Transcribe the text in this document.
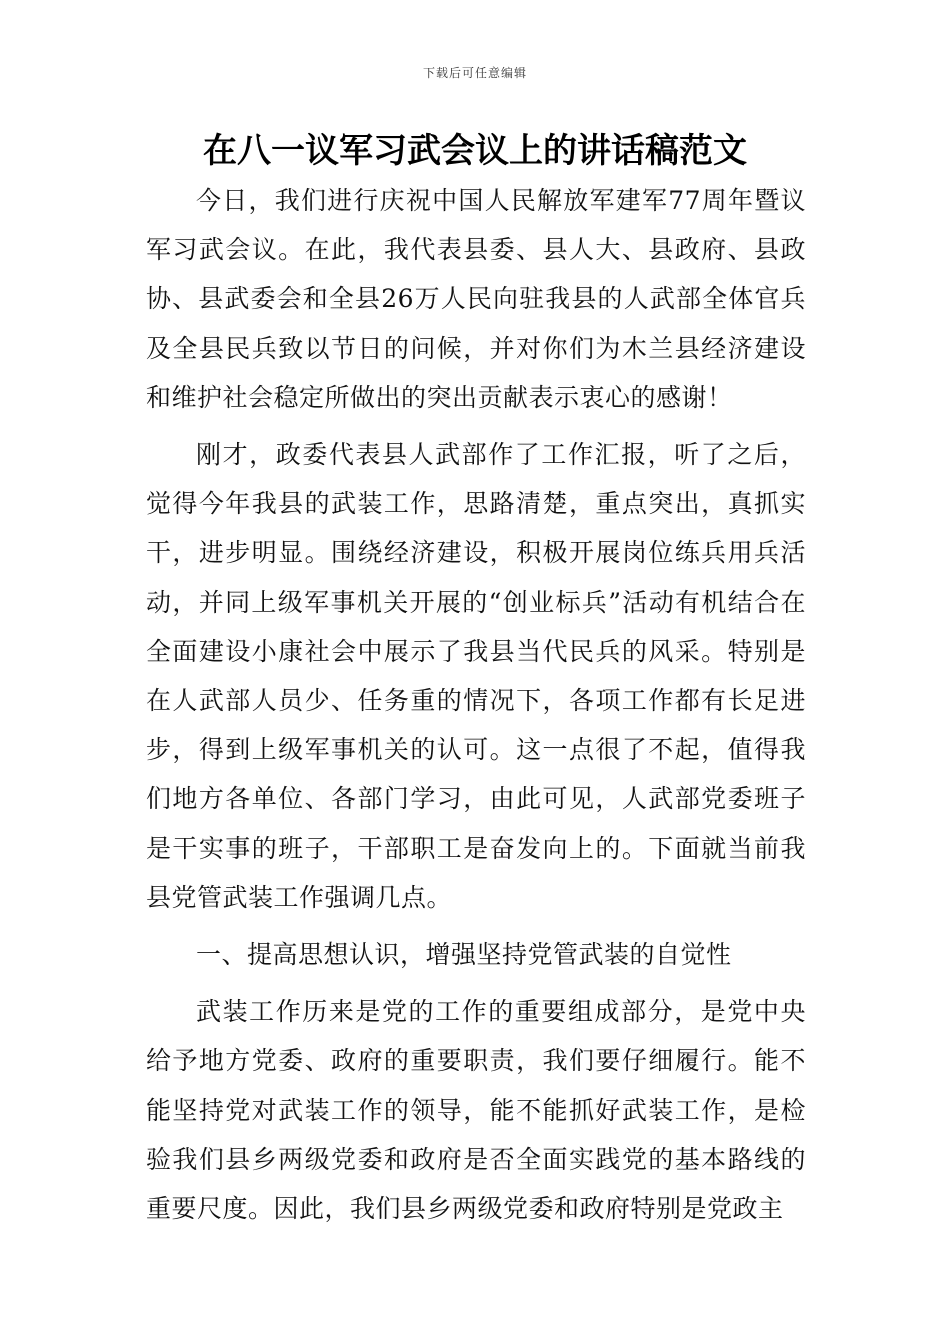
下载后可任意编辑
在八一议军习武会议上的讲话稿范文

今日，我们进行庆祝中国人民解放军建军77周年暨议军习武会议。在此，我代表县委、县人大、县政府、县政协、县武委会和全县26万人民向驻我县的人武部全体官兵及全县民兵致以节日的问候，并对你们为木兰县经济建设和维护社会稳定所做出的突出贡献表示衷心的感谢！

刚才，政委代表县人武部作了工作汇报，听了之后，觉得今年我县的武装工作，思路清楚，重点突出，真抓实干，进步明显。围绕经济建设，积极开展岗位练兵用兵活动，并同上级军事机关开展的“创业标兵”活动有机结合在全面建设小康社会中展示了我县当代民兵的风采。特别是在人武部人员少、任务重的情况下，各项工作都有长足进步，得到上级军事机关的认可。这一点很了不起，值得我们地方各单位、各部门学习，由此可见，人武部党委班子是干实事的班子，干部职工是奋发向上的。下面就当前我县党管武装工作强调几点。

一、提高思想认识，增强坚持党管武装的自觉性

武装工作历来是党的工作的重要组成部分，是党中央给予地方党委、政府的重要职责，我们要仔细履行。能不能坚持党对武装工作的领导，能不能抓好武装工作，是检验我们县乡两级党委和政府是否全面实践党的基本路线的重要尺度。因此，我们县乡两级党委和政府特别是党政主
